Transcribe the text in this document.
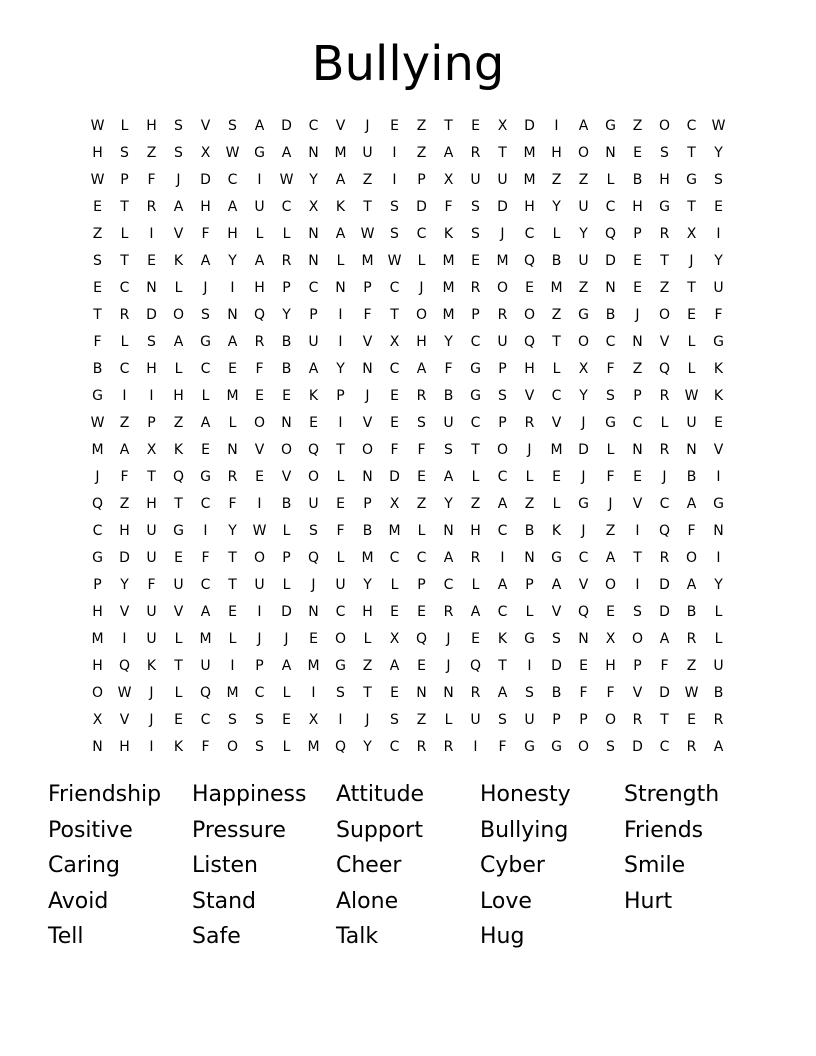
Bullying
W	L	H	S	V	S	A	D	C	V	J	E	Z	T	E	X	D	I	A	G	Z	O	C	W
H	S	Z	S	X	W	G	A	N	M	U	I	Z	A	R	T	M	H	O	N	E	S	T	Y
W	P	F	J	D	C	I	W	Y	A	Z	I	P	X	U	U	M	Z	Z	L	B	H	G	S
E	T	R	A	H	A	U	C	X	K	T	S	D	F	S	D	H	Y	U	C	H	G	T	E
Z	L	I	V	F	H	L	L	N	A	W	S	C	K	S	J	C	L	Y	Q	P	R	X	I
S	T	E	K	A	Y	A	R	N	L	M	W	L	M	E	M	Q	B	U	D	E	T	J	Y
E	C	N	L	J	I	H	P	C	N	P	C	J	M	R	O	E	M	Z	N	E	Z	T	U
T	R	D	O	S	N	Q	Y	P	I	F	T	O	M	P	R	O	Z	G	B	J	O	E	F
F	L	S	A	G	A	R	B	U	I	V	X	H	Y	C	U	Q	T	O	C	N	V	L	G
B	C	H	L	C	E	F	B	A	Y	N	C	A	F	G	P	H	L	X	F	Z	Q	L	K
G	I	I	H	L	M	E	E	K	P	J	E	R	B	G	S	V	C	Y	S	P	R	W	K
W	Z	P	Z	A	L	O	N	E	I	V	E	S	U	C	P	R	V	J	G	C	L	U	E
M	A	X	K	E	N	V	O	Q	T	O	F	F	S	T	O	J	M	D	L	N	R	N	V
J	F	T	Q	G	R	E	V	O	L	N	D	E	A	L	C	L	E	J	F	E	J	B	I
Q	Z	H	T	C	F	I	B	U	E	P	X	Z	Y	Z	A	Z	L	G	J	V	C	A	G
C	H	U	G	I	Y	W	L	S	F	B	M	L	N	H	C	B	K	J	Z	I	Q	F	N
G	D	U	E	F	T	O	P	Q	L	M	C	C	A	R	I	N	G	C	A	T	R	O	I
P	Y	F	U	C	T	U	L	J	U	Y	L	P	C	L	A	P	A	V	O	I	D	A	Y
H	V	U	V	A	E	I	D	N	C	H	E	E	R	A	C	L	V	Q	E	S	D	B	L
M	I	U	L	M	L	J	J	E	O	L	X	Q	J	E	K	G	S	N	X	O	A	R	L
H	Q	K	T	U	I	P	A	M	G	Z	A	E	J	Q	T	I	D	E	H	P	F	Z	U
O	W	J	L	Q	M	C	L	I	S	T	E	N	N	R	A	S	B	F	F	V	D	W	B
X	V	J	E	C	S	S	E	X	I	J	S	Z	L	U	S	U	P	P	O	R	T	E	R
N	H	I	K	F	O	S	L	M	Q	Y	C	R	R	I	F	G	G	O	S	D	C	R	A
Friendship	Happiness	Attitude	Honesty	Strength
Positive	Pressure	Support	Bullying	Friends
Caring	Listen	Cheer	Cyber	Smile
Avoid	Stand	Alone	Love	Hurt
Tell	Safe	Talk	Hug
